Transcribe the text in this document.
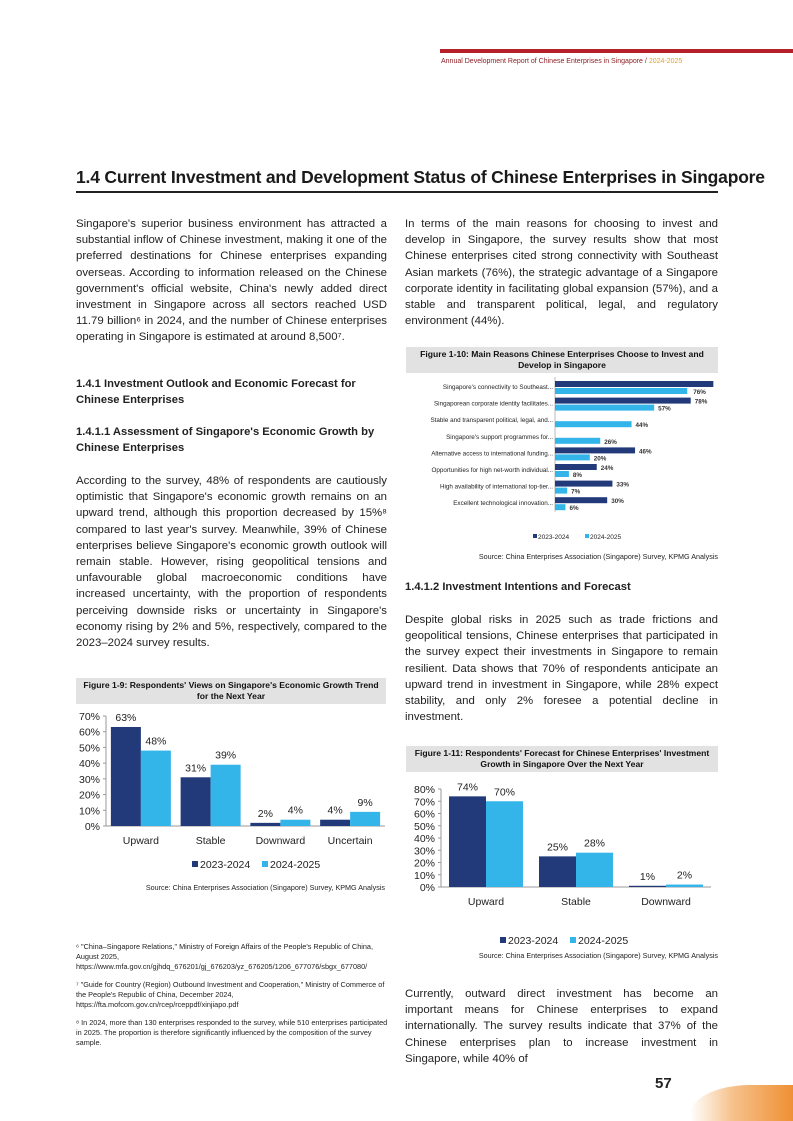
Annual Development Report of Chinese Enterprises in Singapore / 2024-2025
1.4 Current Investment and Development Status of Chinese Enterprises in Singapore
Singapore's superior business environment has attracted a substantial inflow of Chinese investment, making it one of the preferred destinations for Chinese enterprises expanding overseas. According to information released on the Chinese government's official website, China's newly added direct investment in Singapore across all sectors reached USD 11.79 billion⁶ in 2024, and the number of Chinese enterprises operating in Singapore is estimated at around 8,500⁷.
1.4.1 Investment Outlook and Economic Forecast for Chinese Enterprises
1.4.1.1 Assessment of Singapore's Economic Growth by Chinese Enterprises
According to the survey, 48% of respondents are cautiously optimistic that Singapore's economic growth remains on an upward trend, although this proportion decreased by 15%⁸ compared to last year's survey. Meanwhile, 39% of Chinese enterprises believe Singapore's economic growth outlook will remain stable. However, rising geopolitical tensions and unfavourable global macroeconomic conditions have increased uncertainty, with the proportion of respondents perceiving downside risks or uncertainty in Singapore's economy rising by 2% and 5%, respectively, compared to the 2023–2024 survey results.
Figure 1-9: Respondents' Views on Singapore's Economic Growth Trend for the Next Year
0%
10%
20%
30%
40%
50%
60%
70% 63%
48%
Upward
31%
39%
Stable
2% 4%
Downward
4%
9%
Uncertain
2023-2024 2024-2025
Source: China Enterprises Association (Singapore) Survey, KPMG Analysis
⁶ "China–Singapore Relations," Ministry of Foreign Affairs of the People's Republic of China, August 2025, https://www.mfa.gov.cn/gjhdq_676201/gj_676203/yz_676205/1206_677076/sbgx_677080/
⁷ "Guide for Country (Region) Outbound Investment and Cooperation," Ministry of Commerce of the People's Republic of China, December 2024, https://fta.mofcom.gov.cn/rcep/rceppdf/xinjiapo.pdf
⁸ In 2024, more than 130 enterprises responded to the survey, while 510 enterprises participated in 2025. The proportion is therefore significantly influenced by the composition of the survey sample.
In terms of the main reasons for choosing to invest and develop in Singapore, the survey results show that most Chinese enterprises cited strong connectivity with Southeast Asian markets (76%), the strategic advantage of a Singapore corporate identity in facilitating global expansion (57%), and a stable and transparent political, legal, and regulatory environment (44%).
Figure 1-10: Main Reasons Chinese Enterprises Choose to Invest and Develop in Singapore
Singapore's connectivity to Southeast...
76%
Singaporean corporate identity facilitates...	78%
57%
Stable and transparent political, legal, and...
44%
Singapore's support programmes for...
26%
Alternative access to international funding...	46%
20%
Opportunities for high net-worth individual...	24%
8%
High availability of international top-tier...	33%
7%
Excellent technological innovation...	30%
6%
2023-2024	2024-2025
Source: China Enterprises Association (Singapore) Survey, KPMG Analysis
1.4.1.2 Investment Intentions and Forecast
Despite global risks in 2025 such as trade frictions and geopolitical tensions, Chinese enterprises that participated in the survey expect their investments in Singapore to remain resilient. Data shows that 70% of respondents anticipate an upward trend in investment in Singapore, while 28% expect stability, and only 2% foresee a potential decline in investment.
Figure 1-11: Respondents' Forecast for Chinese Enterprises' Investment Growth in Singapore Over the Next Year
0%
10%
20%
30%
40%
50%
60%
70%
80% 74% 70%
Upward
25% 28%
Stable
1% 2%
Downward
2023-2024 2024-2025
Source: China Enterprises Association (Singapore) Survey, KPMG Analysis
Currently, outward direct investment has become an important means for Chinese enterprises to expand internationally. The survey results indicate that 37% of the Chinese enterprises plan to increase investment in Singapore, while 40% of
57
